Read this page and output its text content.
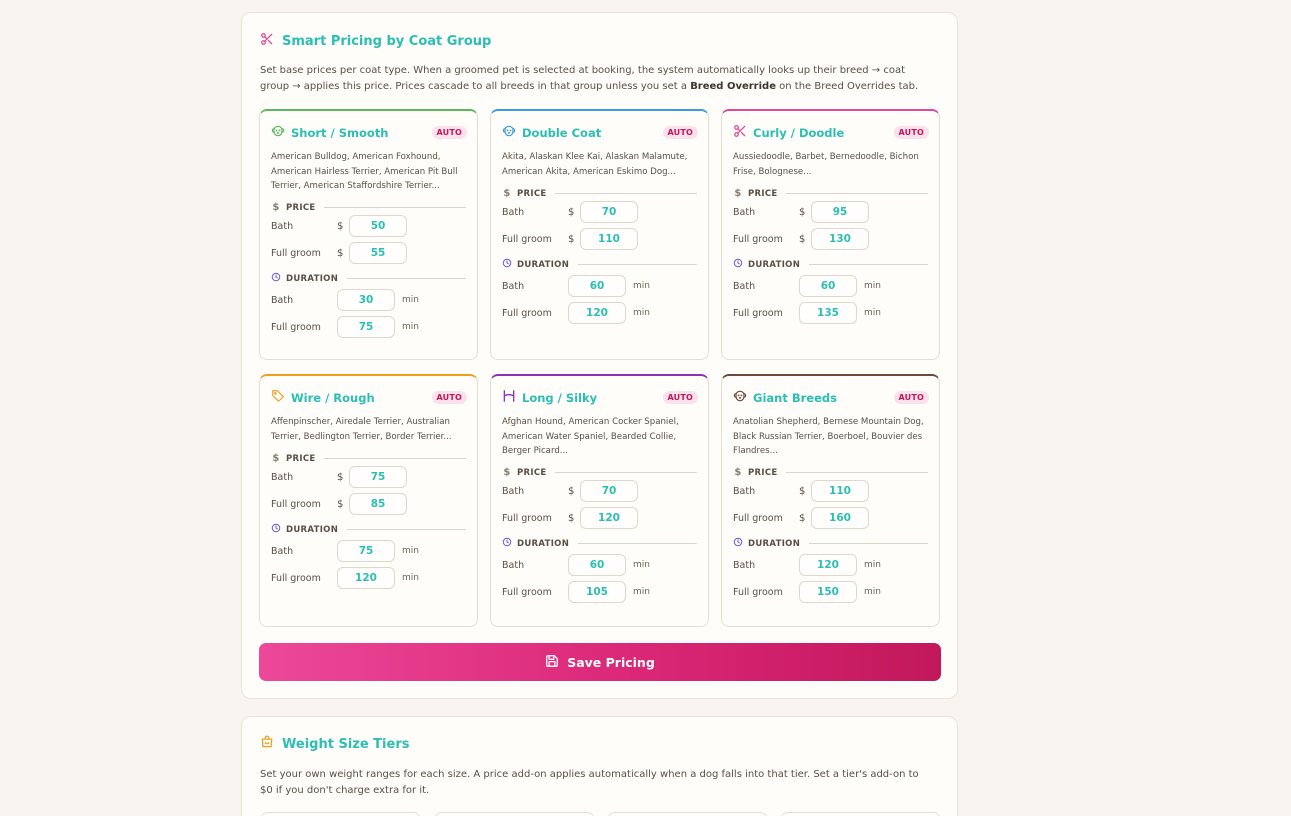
Smart Pricing by Coat Group
Set base prices per coat type. When a groomed pet is selected at booking, the system automatically looks up their breed → coat group → applies this price. Prices cascade to all breeds in that group unless you set a Breed Override on the Breed Overrides tab.
Short / Smooth	AUTO
American Bulldog, American Foxhound, American Hairless Terrier, American Pit Bull Terrier, American Staffordshire Terrier...
$ PRICE
Bath	$	50
Full groom	$	55
DURATION
Bath	30	min
Full groom	75	min
Double Coat	AUTO
Akita, Alaskan Klee Kai, Alaskan Malamute, American Akita, American Eskimo Dog...
$ PRICE
Bath	$	70
Full groom	$	110
DURATION
Bath	60	min
Full groom	120	min
Curly / Doodle	AUTO
Aussiedoodle, Barbet, Bernedoodle, Bichon Frise, Bolognese...
$ PRICE
Bath	$	95
Full groom	$	130
DURATION
Bath	60	min
Full groom	135	min
Wire / Rough	AUTO
Affenpinscher, Airedale Terrier, Australian Terrier, Bedlington Terrier, Border Terrier...
$ PRICE
Bath	$	75
Full groom	$	85
DURATION
Bath	75	min
Full groom	120	min
Long / Silky	AUTO
Afghan Hound, American Cocker Spaniel, American Water Spaniel, Bearded Collie, Berger Picard...
$ PRICE
Bath	$	70
Full groom	$	120
DURATION
Bath	60	min
Full groom	105	min
Giant Breeds	AUTO
Anatolian Shepherd, Bernese Mountain Dog, Black Russian Terrier, Boerboel, Bouvier des Flandres...
$ PRICE
Bath	$	110
Full groom	$	160
DURATION
Bath	120	min
Full groom	150	min
Save Pricing
Weight Size Tiers
Set your own weight ranges for each size. A price add-on applies automatically when a dog falls into that tier. Set a tier's add-on to $0 if you don't charge extra for it.
